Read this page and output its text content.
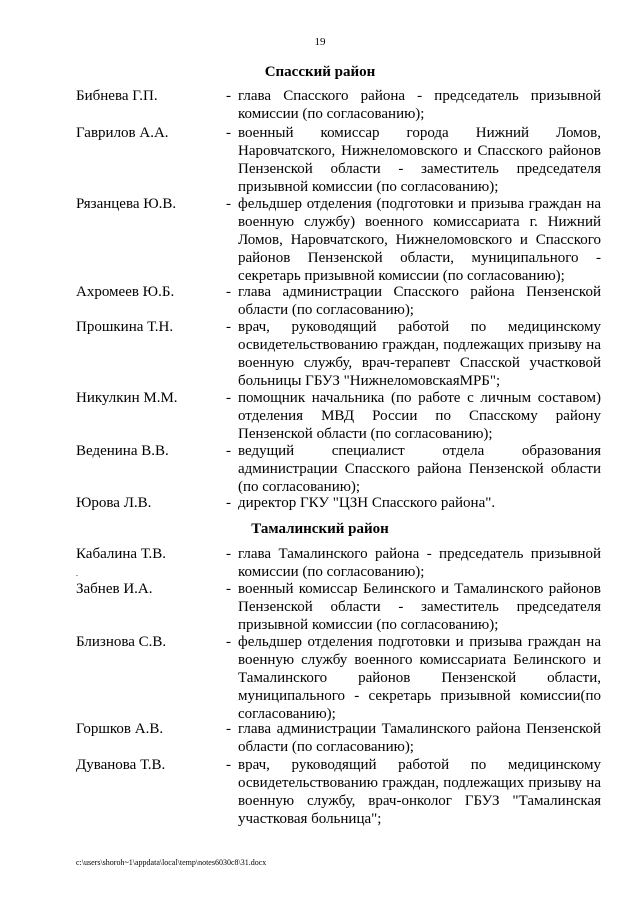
19
Спасский район
Бибнева Г.П.	- глава Спасского района - председатель призывной комиссии (по согласованию);
Гаврилов А.А.	- военный комиссар города Нижний Ломов, Наровчатского, Нижнеломовского и Спасского районов Пензенской области - заместитель председателя призывной комиссии (по согласованию);
Рязанцева Ю.В.	- фельдшер отделения (подготовки и призыва граждан на военную службу) военного комиссариата г. Нижний Ломов, Наровчатского, Нижнеломовского и Спасского районов Пензенской области, муниципального - секретарь призывной комиссии (по согласованию);
Ахромеев Ю.Б.	- глава администрации Спасского района Пензенской области (по согласованию);
Прошкина Т.Н.	- врач, руководящий работой по медицинскому освидетельствованию граждан, подлежащих призыву на военную службу, врач-терапевт Спасской участковой больницы ГБУЗ "НижнеломовскаяМРБ";
Никулкин М.М.	- помощник начальника (по работе с личным составом) отделения МВД России по Спасскому району Пензенской области (по согласованию);
Веденина В.В.	- ведущий специалист отдела образования администрации Спасского района Пензенской области (по согласованию);
Юрова Л.В.	- директор ГКУ "ЦЗН Спасского района".
Тамалинский район
Кабалина Т.В.	- глава Тамалинского района - председатель призывной комиссии (по согласованию);
.
Забнев И.А.	- военный комиссар Белинского и Тамалинского районов Пензенской области - заместитель председателя призывной комиссии (по согласованию);
Близнова С.В.	- фельдшер отделения подготовки и призыва граждан на военную службу военного комиссариата Белинского и Тамалинского районов Пензенской области, муниципального - секретарь призывной комиссии(по согласованию);
Горшков А.В.	- глава администрации Тамалинского района Пензенской области (по согласованию);
Дуванова Т.В.	- врач, руководящий работой по медицинскому освидетельствованию граждан, подлежащих призыву на военную службу, врач-онколог ГБУЗ "Тамалинская участковая больница";
c:\users\shoroh~1\appdata\local\temp\notes6030c8\31.docx
